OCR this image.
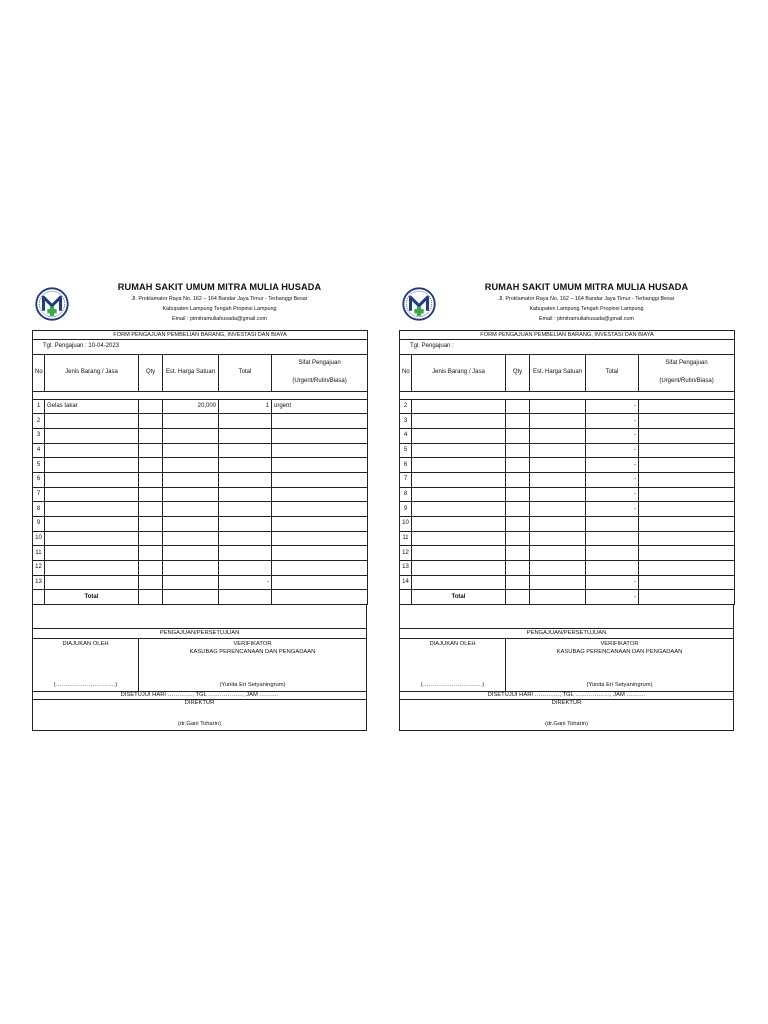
RUMAH SAKIT UMUM MITRA MULIA HUSADA
Jl. Proklamator Raya No. 162 – 164 Bandar Jaya Timur - Terbanggi Besar
Kabupaten Lampung Tengah Propinsi Lampung
Email : ptmitramuliahusada@gmail.com
FORM PENGAJUAN PEMBELIAN BARANG, INVESTASI DAN BIAYA					
Tgl. Pengajuan : 10-04-2023					
No	Jenis Barang / Jasa	Qty	Est. Harga Satuan	Total	Sifat Pengajuan

(Urgent/Rutin/Biasa)

1	Gelas takar		20,000	1	urgent
2					
3					
4					
5					
6					
7					
8					
9					
10					
11					
12					
13				-	
	Total				
PENGAJUAN/PERSETUJUAN
DIAJUKAN OLEH
(………………………….)
VERIFIKATOR
KASUBAG PERENCANAAN DAN PENGADAAN
(Yunita Eri Setyaningrum)
DISETUJUI HARI …………., TGL ………………, JAM ……….
DIREKTUR
(dr.Gani Toharin)
RUMAH SAKIT UMUM MITRA MULIA HUSADA
Jl. Proklamator Raya No. 162 – 164 Bandar Jaya Timur - Terbanggi Besar
Kabupaten Lampung Tengah Propinsi Lampung
Email : ptmitramuliahusada@gmail.com
FORM PENGAJUAN PEMBELIAN BARANG, INVESTASI DAN BIAYA					
Tgl. Pengajuan :					
No	Jenis Barang / Jasa	Qty	Est. Harga Satuan	Total	Sifat Pengajuan

(Urgent/Rutin/Biasa)

2				-	
3				-	
4				-	
5				-	
6				-	
7				-	
8				-	
9				-	
10					
11					
12					
13					
14				-	
	Total			-	
PENGAJUAN/PERSETUJUAN
DIAJUKAN OLEH
(………………………….)
VERIFIKATOR
KASUBAG PERENCANAAN DAN PENGADAAN
(Yunita Eri Setyaningrum)
DISETUJUI HARI …………., TGL ………………, JAM ……….
DIREKTUR
(dr.Gani Toharin)
